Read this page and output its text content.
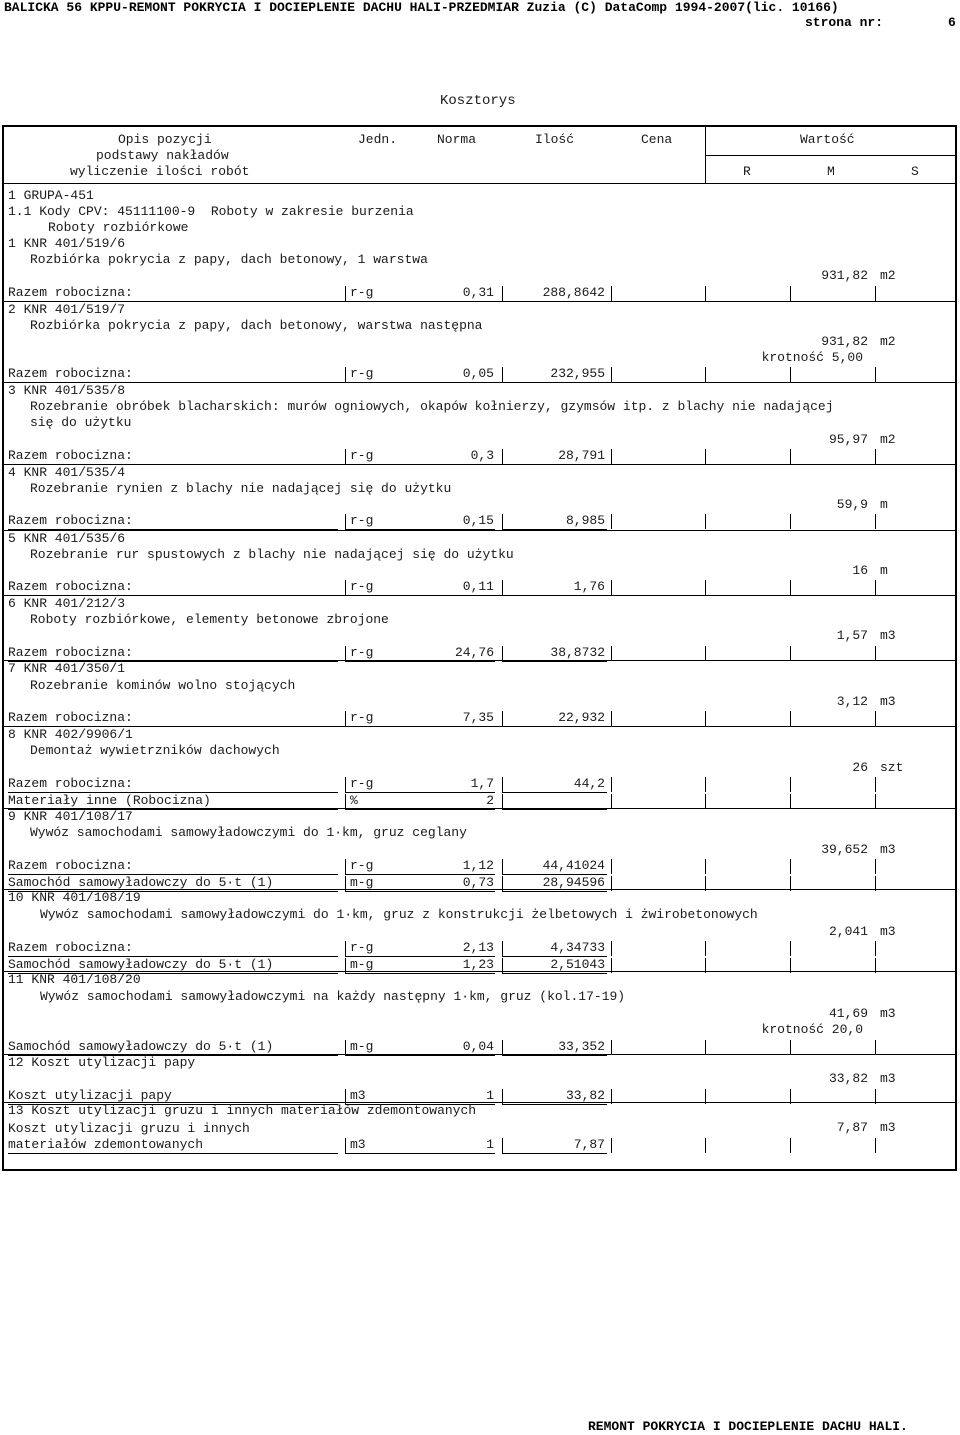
BALICKA 56 KPPU-REMONT POKRYCIA I DOCIEPLENIE DACHU HALI-PRZEDMIAR Zuzia (C) DataComp 1994-2007(lic. 10166)
strona nr:	6
Kosztorys
Opis pozycji
podstawy nakładów
wyliczenie ilości robót
Jedn.	Norma	Ilość	Cena	Wartość
R	M	S
1 GRUPA-451
1.1 Kody CPV: 45111100-9  Roboty w zakresie burzenia
Roboty rozbiórkowe
1 KNR 401/519/6
Rozbiórka pokrycia z papy, dach betonowy, 1 warstwa
931,82 m2
Razem robocizna:	r-g	0,31	288,8642
2 KNR 401/519/7
Rozbiórka pokrycia z papy, dach betonowy, warstwa następna
931,82 m2
krotność 5,00
Razem robocizna:	r-g	0,05	232,955
3 KNR 401/535/8
Rozebranie obróbek blacharskich: murów ogniowych, okapów kołnierzy, gzymsów itp. z blachy nie nadającej
się do użytku
95,97 m2
Razem robocizna:	r-g	0,3	28,791
4 KNR 401/535/4
Rozebranie rynien z blachy nie nadającej się do użytku
59,9 m
Razem robocizna:	r-g	0,15	8,985
5 KNR 401/535/6
Rozebranie rur spustowych z blachy nie nadającej się do użytku
16 m
Razem robocizna:	r-g	0,11	1,76
6 KNR 401/212/3
Roboty rozbiórkowe, elementy betonowe zbrojone
1,57 m3
Razem robocizna:	r-g	24,76	38,8732
7 KNR 401/350/1
Rozebranie kominów wolno stojących
3,12 m3
Razem robocizna:	r-g	7,35	22,932
8 KNR 402/9906/1
Demontaż wywietrzników dachowych
26 szt
Razem robocizna:	r-g	1,7	44,2
Materiały inne (Robocizna)	%	2
9 KNR 401/108/17
Wywóz samochodami samowyładowczymi do 1·km, gruz ceglany
39,652 m3
Razem robocizna:	r-g	1,12	44,41024
Samochód samowyładowczy do 5·t (1)	m-g	0,73	28,94596
10 KNR 401/108/19
Wywóz samochodami samowyładowczymi do 1·km, gruz z konstrukcji żelbetowych i żwirobetonowych
2,041 m3
Razem robocizna:	r-g	2,13	4,34733
Samochód samowyładowczy do 5·t (1)	m-g	1,23	2,51043
11 KNR 401/108/20
Wywóz samochodami samowyładowczymi na każdy następny 1·km, gruz (kol.17-19)
41,69 m3
krotność 20,0
Samochód samowyładowczy do 5·t (1)	m-g	0,04	33,352
12 Koszt utylizacji papy
33,82 m3
Koszt utylizacji papy	m3	1	33,82
13 Koszt utylizacji gruzu i innych materiałów zdemontowanych
7,87 m3
Koszt utylizacji gruzu i innych
materiałów zdemontowanych	m3	1	7,87
REMONT POKRYCIA I DOCIEPLENIE DACHU HALI.
